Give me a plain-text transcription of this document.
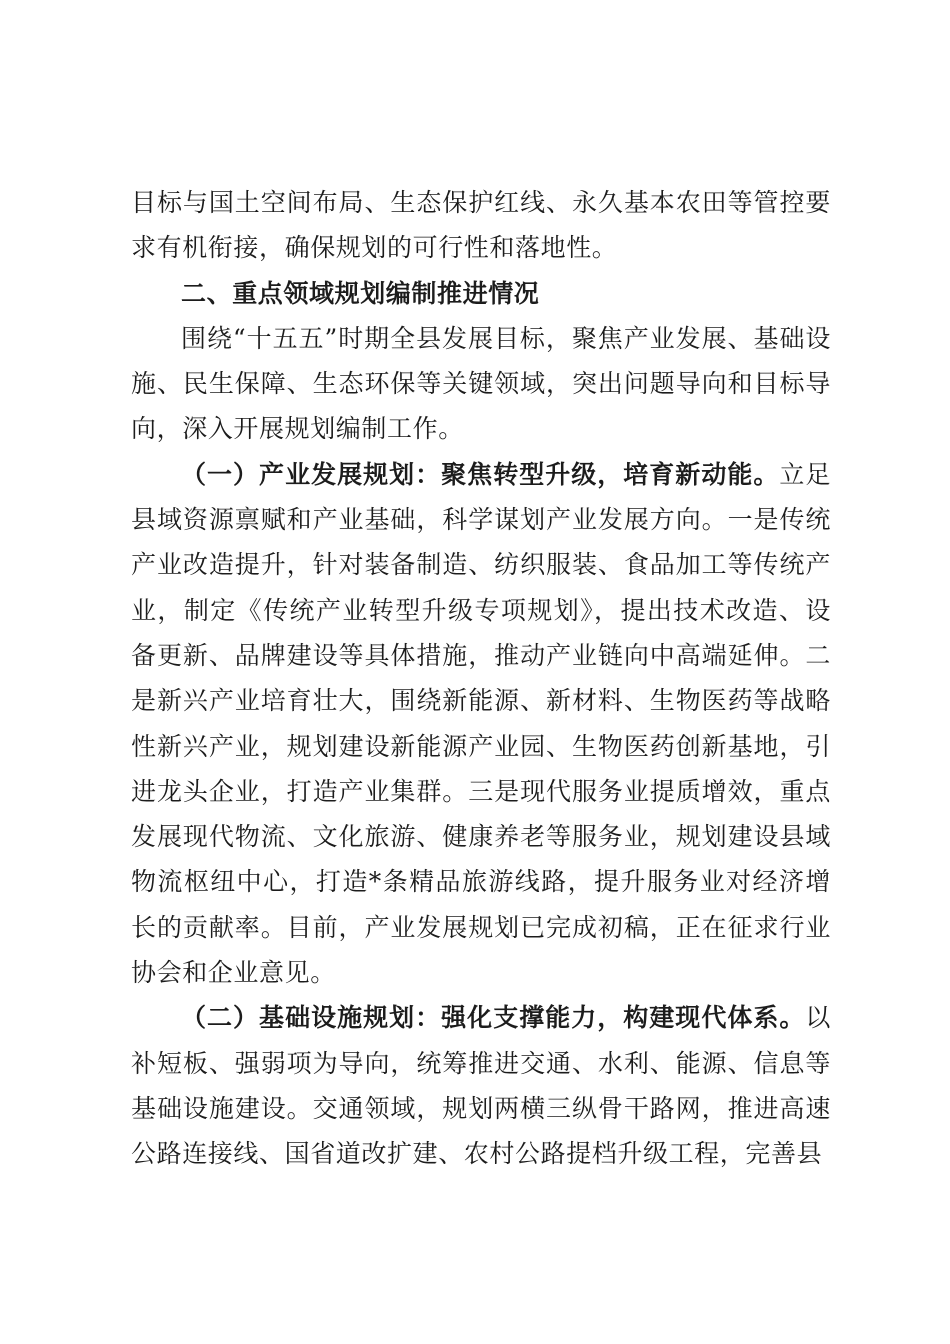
目标与国土空间布局、生态保护红线、永久基本农田等管控要求有机衔接，确保规划的可行性和落地性。

二、重点领域规划编制推进情况

围绕“十五五”时期全县发展目标，聚焦产业发展、基础设施、民生保障、生态环保等关键领域，突出问题导向和目标导向，深入开展规划编制工作。

（一）产业发展规划：聚焦转型升级，培育新动能。立足县域资源禀赋和产业基础，科学谋划产业发展方向。一是传统产业改造提升，针对装备制造、纺织服装、食品加工等传统产业，制定《传统产业转型升级专项规划》，提出技术改造、设备更新、品牌建设等具体措施，推动产业链向中高端延伸。二是新兴产业培育壮大，围绕新能源、新材料、生物医药等战略性新兴产业，规划建设新能源产业园、生物医药创新基地，引进龙头企业，打造产业集群。三是现代服务业提质增效，重点发展现代物流、文化旅游、健康养老等服务业，规划建设县域物流枢纽中心，打造*条精品旅游线路，提升服务业对经济增长的贡献率。目前，产业发展规划已完成初稿，正在征求行业协会和企业意见。

（二）基础设施规划：强化支撑能力，构建现代体系。以补短板、强弱项为导向，统筹推进交通、水利、能源、信息等基础设施建设。交通领域，规划两横三纵骨干路网，推进高速公路连接线、国省道改扩建、农村公路提档升级工程，完善县
